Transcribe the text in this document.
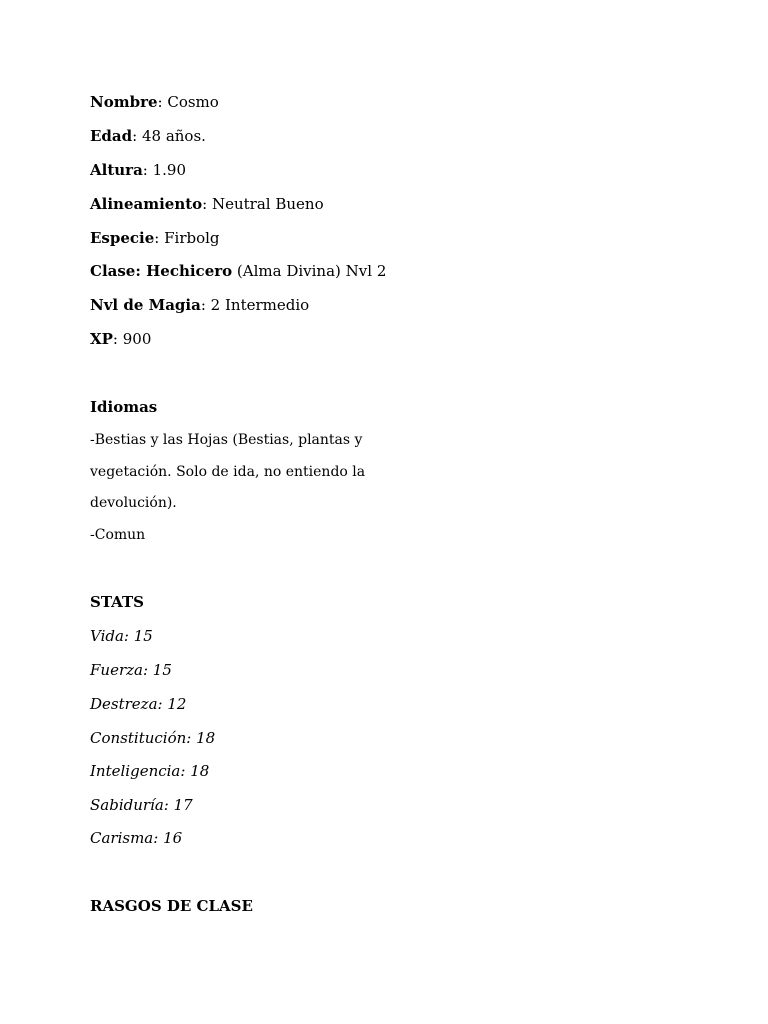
Nombre: Cosmo
Edad: 48 años.
Altura: 1.90
Alineamiento: Neutral Bueno
Especie: Firbolg
Clase: Hechicero (Alma Divina) Nvl 2
Nvl de Magia: 2 Intermedio
XP: 900
Idiomas
-Bestias y las Hojas (Bestias, plantas y
vegetación. Solo de ida, no entiendo la
devolución).
-Comun
STATS
Vida: 15
Fuerza: 15
Destreza: 12
Constitución: 18
Inteligencia: 18
Sabiduría: 17
Carisma: 16
RASGOS DE CLASE
